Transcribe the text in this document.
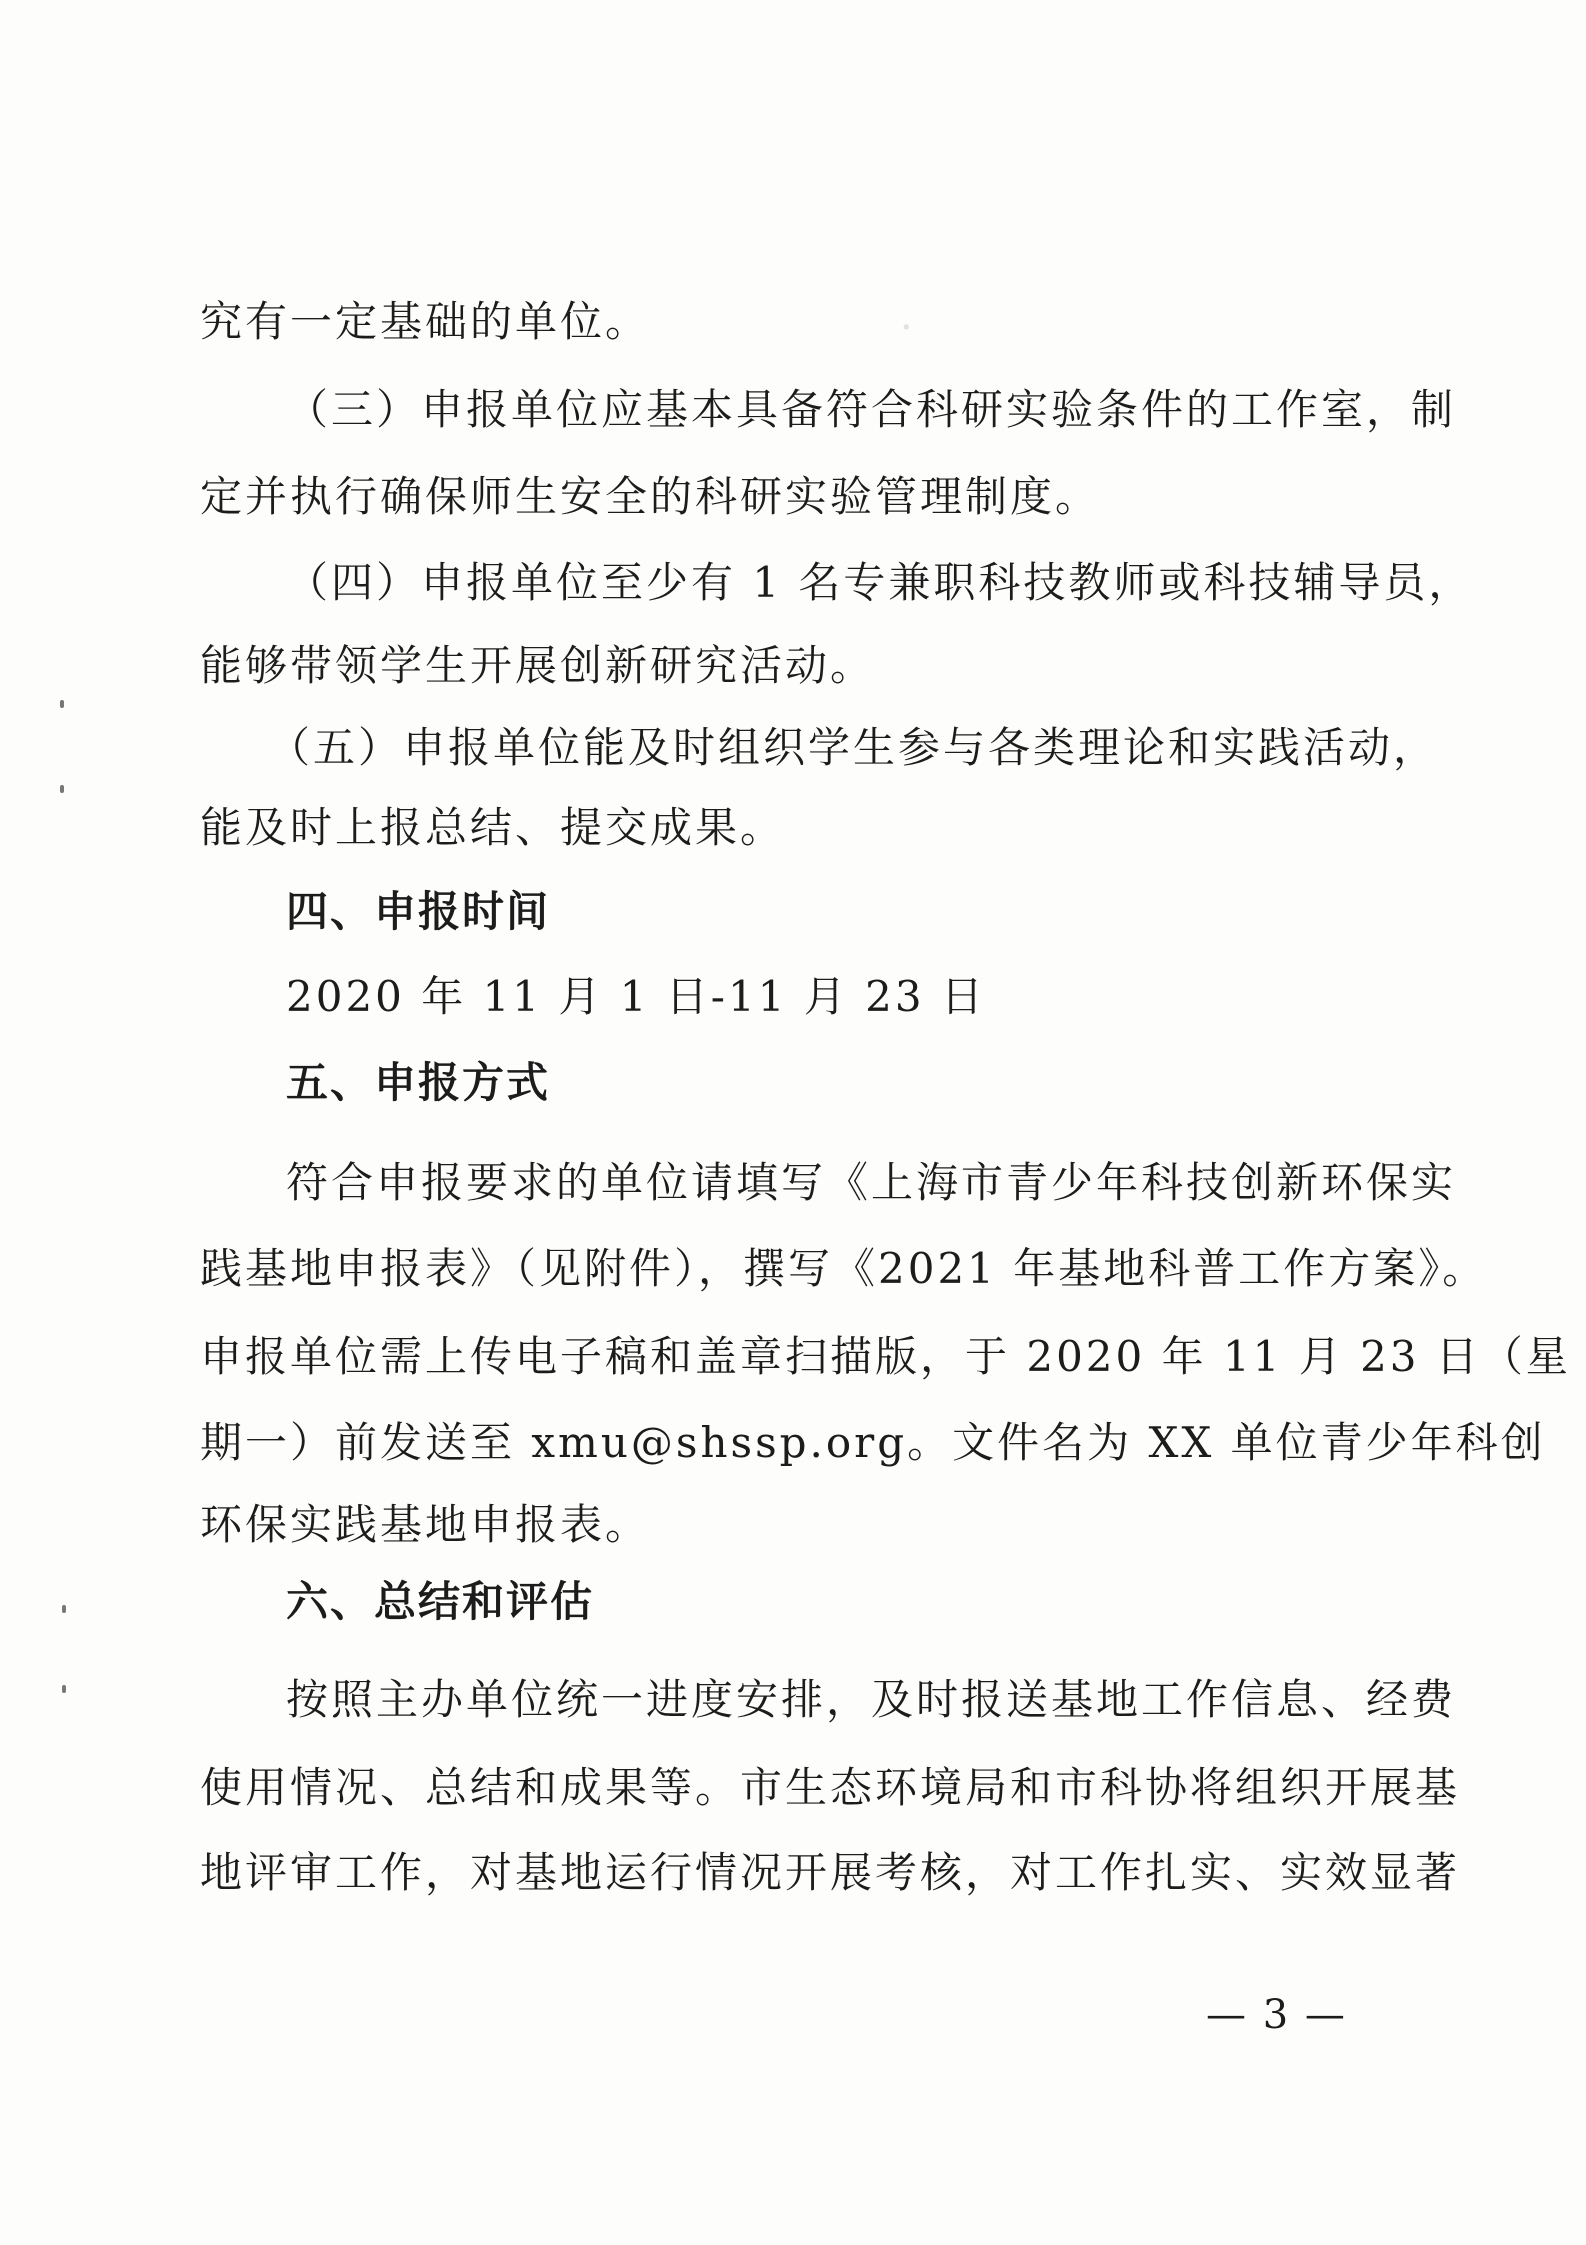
·
究有一定基础的单位。
（三）申报单位应基本具备符合科研实验条件的工作室，制
定并执行确保师生安全的科研实验管理制度。
（四）申报单位至少有 1 名专兼职科技教师或科技辅导员，
能够带领学生开展创新研究活动。
（五）申报单位能及时组织学生参与各类理论和实践活动，
能及时上报总结、提交成果。
四、申报时间
2020 年 11 月 1 日-11 月 23 日
五、申报方式
符合申报要求的单位请填写《上海市青少年科技创新环保实
践基地申报表》（见附件），撰写《2021 年基地科普工作方案》。
申报单位需上传电子稿和盖章扫描版，于 2020 年 11 月 23 日（星
期一）前发送至 xmu@shssp.org。文件名为 XX 单位青少年科创
环保实践基地申报表。
六、总结和评估
按照主办单位统一进度安排，及时报送基地工作信息、经费
使用情况、总结和成果等。市生态环境局和市科协将组织开展基
地评审工作，对基地运行情况开展考核，对工作扎实、实效显著
— 3 —
